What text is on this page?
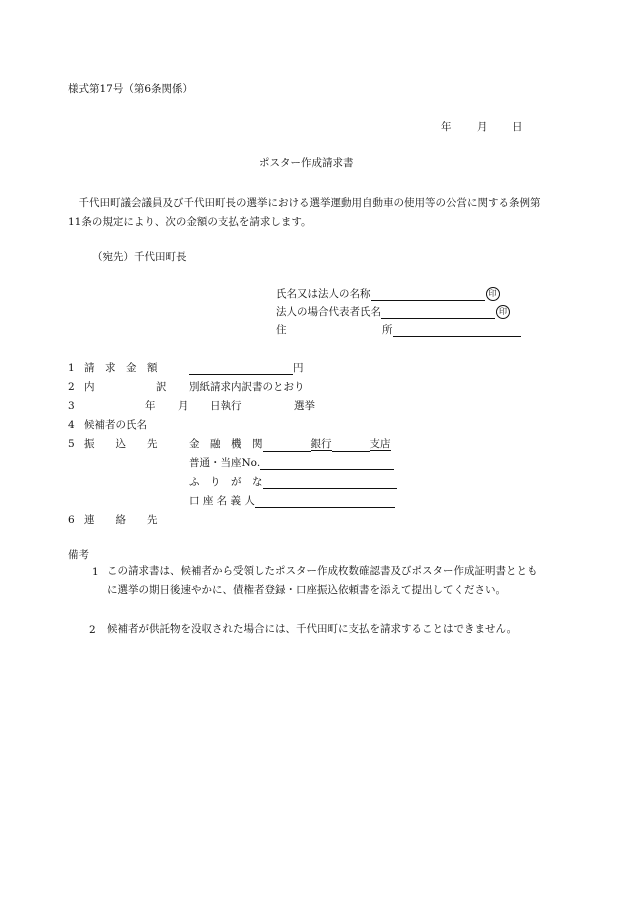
様式第17号（第6条関係）
年 月 日
ポスター作成請求書
　千代田町議会議員及び千代田町長の選挙における選挙運動用自動車の使用等の公営に関する条例第11条の規定により、次の金額の支払を請求します。
（宛先）千代田町長
氏名又は法人の名称	印
法人の場合代表者氏名	印
住	所
1 請　求　金　額	円
2 内	訳 別紙請求内訳書のとおり
3	年 月 日執行	選挙
4 候補者の氏名
5 振　　込　　先	金　融　機　関	銀行	支店
普通・当座No.
ふ　り　が　な
口 座 名 義 人
6 連　　絡　　先
備考
1 この請求書は、候補者から受領したポスター作成枚数確認書及びポスター作成証明書とともに選挙の期日後速やかに、債権者登録・口座振込依頼書を添えて提出してください。
2 候補者が供託物を没収された場合には、千代田町に支払を請求することはできません。
